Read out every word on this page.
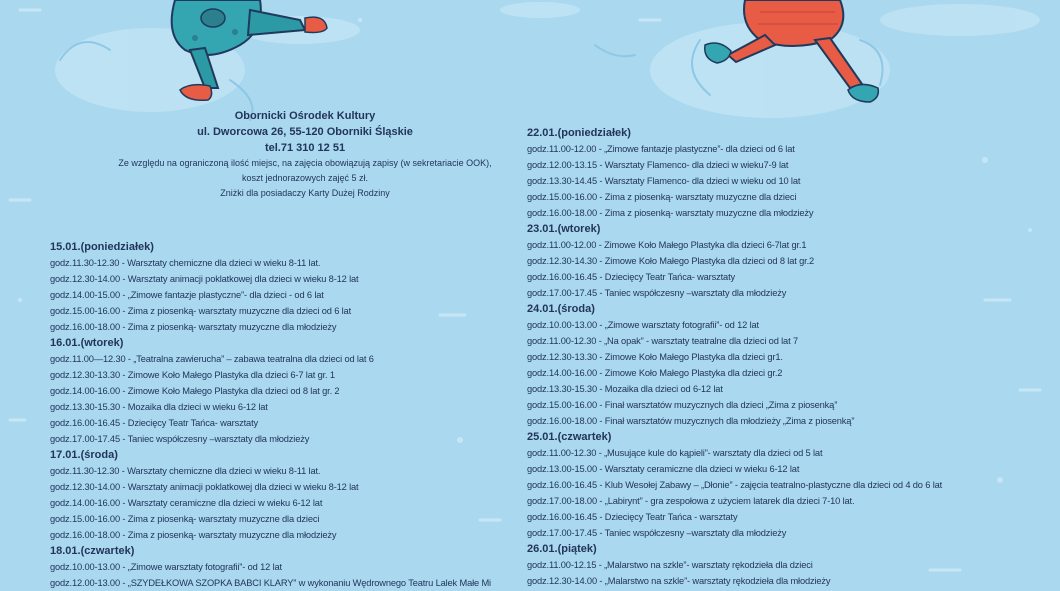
Obornicki Ośrodek Kultury
ul. Dworcowa 26, 55-120 Oborniki Śląskie
tel.71 310 12 51
Ze względu na ograniczoną ilość miejsc, na zajęcia obowiązują zapisy (w sekretariacie OOK),
koszt jednorazowych zajęć 5 zł.
Zniżki dla posiadaczy Karty Dużej Rodziny
15.01.(poniedziałek)
godz.11.30-12.30 - Warsztaty chemiczne dla dzieci w wieku 8-11 lat.
godz.12.30-14.00 - Warsztaty animacji poklatkowej dla dzieci w wieku 8-12 lat
godz.14.00-15.00 - „Zimowe fantazje plastyczne”- dla dzieci - od 6 lat
godz.15.00-16.00 - Zima z piosenką- warsztaty muzyczne dla dzieci od 6 lat
godz.16.00-18.00 - Zima z piosenką- warsztaty muzyczne dla młodzieży
16.01.(wtorek)
godz.11.00—12.30 - „Teatralna zawierucha” – zabawa teatralna dla dzieci od lat 6
godz.12.30-13.30 - Zimowe Koło Małego Plastyka dla dzieci 6-7 lat gr. 1
godz.14.00-16.00 - Zimowe Koło Małego Plastyka dla dzieci od 8 lat gr. 2
godz.13.30-15.30 - Mozaika dla dzieci w wieku 6-12 lat
godz.16.00-16.45 - Dziecięcy Teatr Tańca- warsztaty
godz.17.00-17.45 - Taniec współczesny –warsztaty dla młodzieży
17.01.(środa)
godz.11.30-12.30 - Warsztaty chemiczne dla dzieci w wieku 8-11 lat.
godz.12.30-14.00 - Warsztaty animacji poklatkowej dla dzieci w wieku 8-12 lat
godz.14.00-16.00 - Warsztaty ceramiczne dla dzieci w wieku 6-12 lat
godz.15.00-16.00 - Zima z piosenką- warsztaty muzyczne dla dzieci
godz.16.00-18.00 - Zima z piosenką- warsztaty muzyczne dla młodzieży
18.01.(czwartek)
godz.10.00-13.00 - „Zimowe warsztaty fotografii”- od 12 lat
godz.12.00-13.00 - „SZYDEŁKOWA SZOPKA BABCI KLARY” w wykonaniu Wędrownego Teatru Lalek Małe Mi
22.01.(poniedziałek)
godz.11.00-12.00 - „Zimowe fantazje plastyczne”- dla dzieci od 6 lat
godz.12.00-13.15 - Warsztaty Flamenco- dla dzieci w wieku7-9 lat
godz.13.30-14.45 - Warsztaty Flamenco- dla dzieci w wieku od 10 lat
godz.15.00-16.00 - Zima z piosenką- warsztaty muzyczne dla dzieci
godz.16.00-18.00 - Zima z piosenką- warsztaty muzyczne dla młodzieży
23.01.(wtorek)
godz.11.00-12.00 - Zimowe Koło Małego Plastyka dla dzieci 6-7lat gr.1
godz.12.30-14.30 - Zimowe Koło Małego Plastyka dla dzieci od 8 lat gr.2
godz.16.00-16.45 - Dziecięcy Teatr Tańca- warsztaty
godz.17.00-17.45 - Taniec współczesny –warsztaty dla młodzieży
24.01.(środa)
godz.10.00-13.00 - „Zimowe warsztaty fotografii”- od 12 lat
godz.11.00-12.30 - „Na opak” - warsztaty teatralne dla dzieci od lat 7
godz.12.30-13.30 - Zimowe Koło Małego Plastyka dla dzieci gr1.
godz.14.00-16.00 - Zimowe Koło Małego Plastyka dla dzieci gr.2
godz.13.30-15.30 - Mozaika dla dzieci od 6-12 lat
godz.15.00-16.00 - Finał warsztatów muzycznych dla dzieci „Zima z piosenką”
godz.16.00-18.00 - Finał warsztatów muzycznych dla młodzieży „Zima z piosenką”
25.01.(czwartek)
godz.11.00-12.30 - „Musujące kule do kąpieli”- warsztaty dla dzieci od 5 lat
godz.13.00-15.00 - Warsztaty ceramiczne dla dzieci w wieku 6-12 lat
godz.16.00-16.45 - Klub Wesołej Zabawy – „Dłonie” - zajęcia teatralno-plastyczne dla dzieci od 4 do 6 lat
godz.17.00-18.00 - „Labirynt” - gra zespołowa z użyciem latarek dla dzieci 7-10 lat.
godz.16.00-16.45 - Dziecięcy Teatr Tańca - warsztaty
godz.17.00-17.45 - Taniec współczesny –warsztaty dla młodzieży
26.01.(piątek)
godz.11.00-12.15 - „Malarstwo na szkle”- warsztaty rękodzieła dla dzieci
godz.12.30-14.00 - „Malarstwo na szkle”- warsztaty rękodzieła dla młodzieży
